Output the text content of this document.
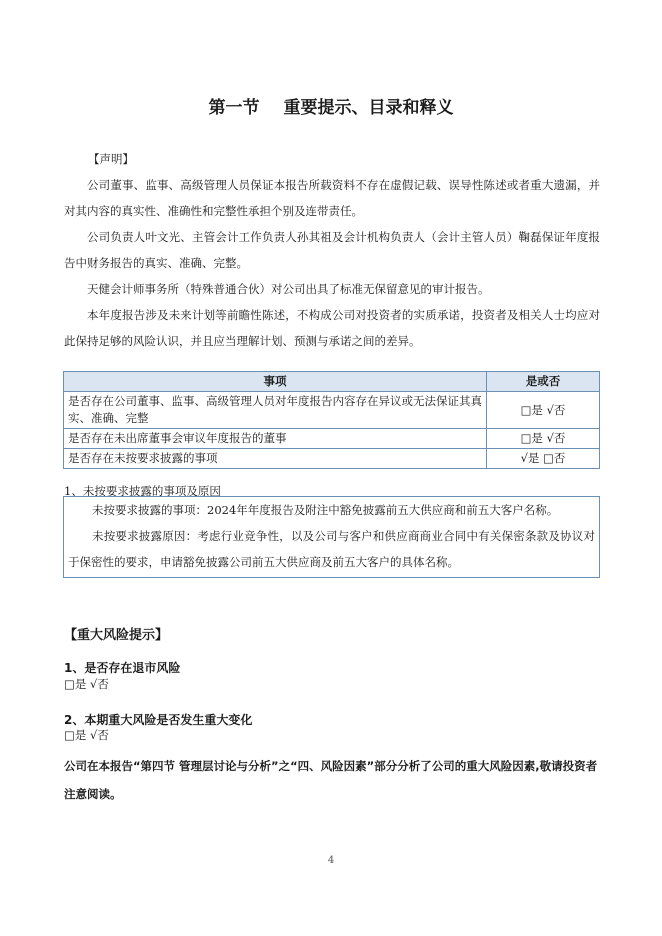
第一节 重要提示、目录和释义
【声明】
公司董事、监事、高级管理人员保证本报告所载资料不存在虚假记载、误导性陈述或者重大遗漏，并对其内容的真实性、准确性和完整性承担个别及连带责任。
公司负责人叶文光、主管会计工作负责人孙其祖及会计机构负责人（会计主管人员）鞠磊保证年度报告中财务报告的真实、准确、完整。
天健会计师事务所（特殊普通合伙）对公司出具了标准无保留意见的审计报告。
本年度报告涉及未来计划等前瞻性陈述，不构成公司对投资者的实质承诺，投资者及相关人士均应对此保持足够的风险认识，并且应当理解计划、预测与承诺之间的差异。
事项	是或否
是否存在公司董事、监事、高级管理人员对年度报告内容存在异议或无法保证其真实、准确、完整	□是 √否
是否存在未出席董事会审议年度报告的董事	□是 √否
是否存在未按要求披露的事项	√是 □否
1、未按要求披露的事项及原因

未按要求披露的事项：2024年年度报告及附注中豁免披露前五大供应商和前五大客户名称。

未按要求披露原因：考虑行业竞争性，以及公司与客户和供应商商业合同中有关保密条款及协议对于保密性的要求，申请豁免披露公司前五大供应商及前五大客户的具体名称。

【重大风险提示】
1、是否存在退市风险
□是 √否
2、本期重大风险是否发生重大变化
□是 √否
公司在本报告“第四节 管理层讨论与分析”之“四、风险因素”部分分析了公司的重大风险因素,敬请投资者注意阅读。
4
